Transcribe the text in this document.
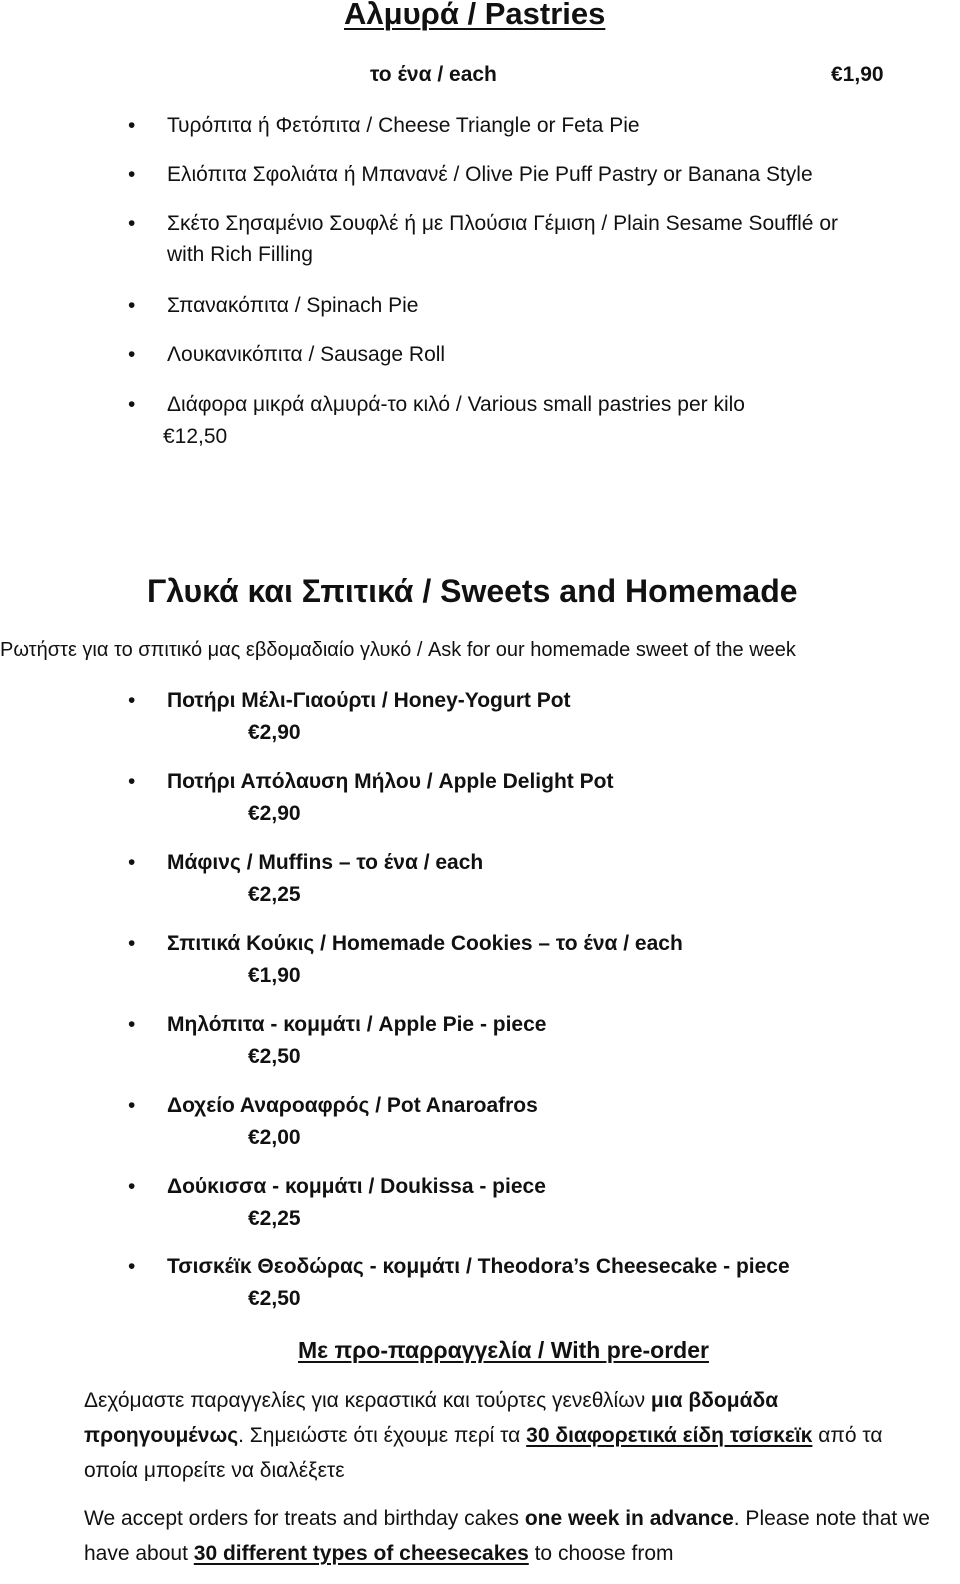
Αλμυρά / Pastries
το ένα / each	€1,90
• Τυρόπιτα ή Φετόπιτα / Cheese Triangle or Feta Pie
• Ελιόπιτα Σφολιάτα ή Μπανανέ / Olive Pie Puff Pastry or Banana Style
• Σκέτο Σησαμένιο Σουφλέ ή με Πλούσια Γέμιση / Plain Sesame Soufflé or
with Rich Filling
• Σπανακόπιτα / Spinach Pie
• Λουκανικόπιτα / Sausage Roll
• Διάφορα μικρά αλμυρά-το κιλό / Various small pastries per kilo
€12,50
Γλυκά και Σπιτικά / Sweets and Homemade
Ρωτήστε για το σπιτικό μας εβδομαδιαίο γλυκό / Ask for our homemade sweet of the week
• Ποτήρι Μέλι-Γιαούρτι / Honey-Yogurt Pot
€2,90
• Ποτήρι Απόλαυση Μήλου / Apple Delight Pot
€2,90
• Μάφινς / Muffins – το ένα / each
€2,25
• Σπιτικά Κούκις / Homemade Cookies – το ένα / each
€1,90
• Μηλόπιτα - κομμάτι / Apple Pie - piece
€2,50
• Δοχείο Αναροαφρός / Pot Anaroafros
€2,00
• Δούκισσα - κομμάτι / Doukissa - piece
€2,25
• Τσισκέϊκ Θεοδώρας - κομμάτι / Theodora’s Cheesecake - piece
€2,50
Με προ-παρραγγελία / With pre-order
Δεχόμαστε παραγγελίες για κεραστικά και τούρτες γενεθλίων μια βδομάδα προηγουμένως. Σημειώστε ότι έχουμε περί τα 30 διαφορετικά είδη τσίσκεϊκ από τα οποία μπορείτε να διαλέξετε
We accept orders for treats and birthday cakes one week in advance. Please note that we have about 30 different types of cheesecakes to choose from
